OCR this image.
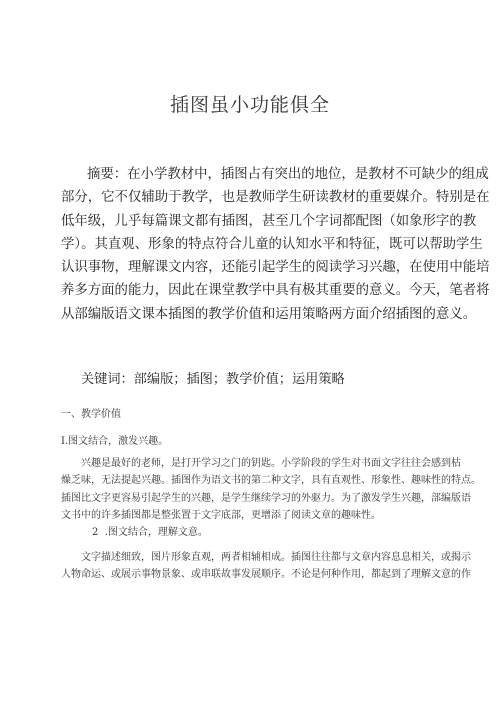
插图虽小功能俱全

摘要：在小学教材中，插图占有突出的地位，是教材不可缺少的组成
部分，它不仅辅助于教学，也是教师学生研读教材的重要媒介。特别是在
低年级，儿乎每篇课文都有插图，甚至几个字词都配图（如象形字的教
学）。其直观、形象的特点符合儿童的认知水平和特征，既可以帮助学生
认识事物，理解课文内容，还能引起学生的阅读学习兴趣，在使用中能培
养多方面的能力，因此在课堂教学中具有极其重要的意义。今天，笔者将
从部编版语文课本插图的教学价值和运用策略两方面介绍插图的意义。

关键词：部编版；插图；教学价值；运用策略
一、教学价值
I.图文结合，激发兴趣。

兴趣是最好的老师，是打开学习之门的钥匙。小学阶段的学生对书面文字往往会感到枯
燥乏味，无法提起兴趣。插图作为语文书的第二种文字，具有直观性、形象性、趣味性的特点。
插图比文字更容易引起学生的兴趣，是学生继续学习的外驱力。为了激发学生兴趣，部编版语
文书中的许多插图都是整张置于文字底部，更增添了阅读文章的趣味性。

2  .图文结合，理解文意。

文字描述细致，图片形象直观，两者相辅相成。插图往往都与文章内容息息相关，或揭示
人物命运、或展示事物景象、或串联故事发展顺序。不论是何种作用，都起到了理解文意的作
